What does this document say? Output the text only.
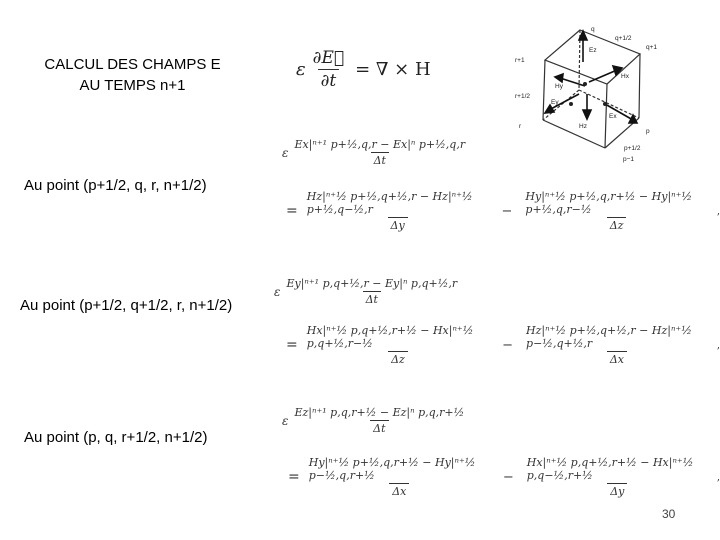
CALCUL DES CHAMPS E
AU TEMPS n+1
ε $\frac{\partial E⃗}{\partial t}$ = ∇ × H
q
q+1/2
q+1
r+1
r+1/2
r
p
p−1
p+1/2
Ez
Hx
Hy
Hz
Ey
Ex
Au point (p+1/2, q, r, n+1/2)
ε $\frac{\text{Ex|ⁿ⁺¹ p+½,q,r − Ex|ⁿ p+½,q,r}}{\Delta t}$
= $\frac{\text{Hz|ⁿ⁺½ p+½,q+½,r − Hz|ⁿ⁺½ p+½,q−½,r}}{\Delta y} - \frac{\text{Hy|ⁿ⁺½ p+½,q,r+½ − Hy|ⁿ⁺½ p+½,q,r−½}}{\Delta z}$ ,
Au point (p+1/2, q+1/2, r, n+1/2)
ε $\frac{\text{Ey|ⁿ⁺¹ p,q+½,r − Ey|ⁿ p,q+½,r}}{\Delta t}$
= $\frac{\text{Hx|ⁿ⁺½ p,q+½,r+½ − Hx|ⁿ⁺½ p,q+½,r−½}}{\Delta z} - \frac{\text{Hz|ⁿ⁺½ p+½,q+½,r − Hz|ⁿ⁺½ p−½,q+½,r}}{\Delta x}$ ,
Au point (p, q, r+1/2, n+1/2)
ε $\frac{\text{Ez|ⁿ⁺¹ p,q,r+½ − Ez|ⁿ p,q,r+½}}{\Delta t}$
= $\frac{\text{Hy|ⁿ⁺½ p+½,q,r+½ − Hy|ⁿ⁺½ p−½,q,r+½}}{\Delta x} - \frac{\text{Hx|ⁿ⁺½ p,q+½,r+½ − Hx|ⁿ⁺½ p,q−½,r+½}}{\Delta y}$ ,
30
